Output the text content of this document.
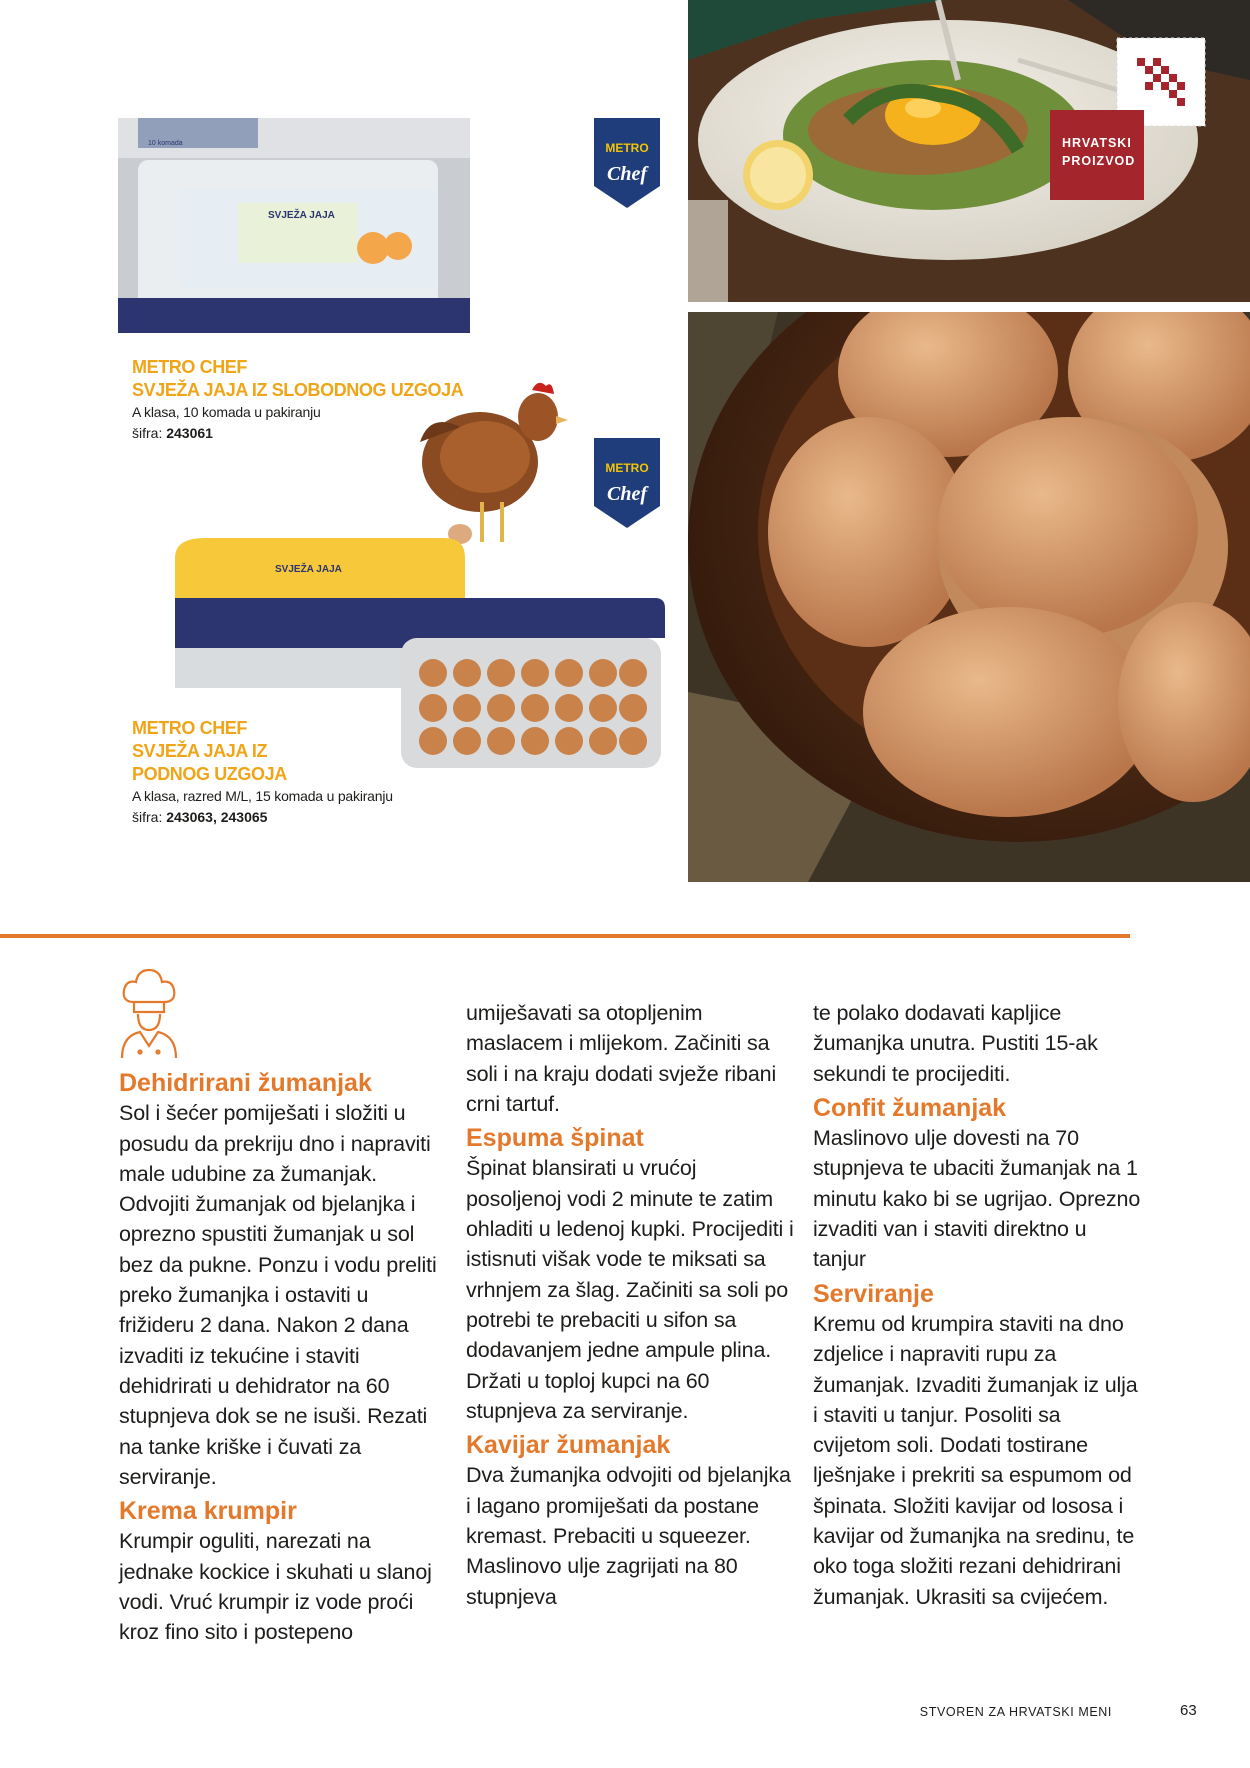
HRVATSKI
PROIZVOD
SVJEŽA JAJA
10 komada	METRO
Chef
METRO CHEF
SVJEŽA JAJA IZ SLOBODNOG UZGOJA
A klasa, 10 komada u pakiranju
šifra: 243061
METRO
Chef
SVJEŽA JAJA
METRO CHEF
SVJEŽA JAJA IZ
PODNOG UZGOJA
A klasa, razred M/L, 15 komada u pakiranju
šifra: 243063, 243065
Dehidrirani žumanjak

Sol i šećer pomiješati i složiti u posudu da prekriju dno i napraviti male udubine za žumanjak. Odvojiti žumanjak od bjelanjka i oprezno spustiti žumanjak u sol bez da pukne. Ponzu i vodu preliti preko žumanjka i ostaviti u frižideru 2 dana. Nakon 2 dana izvaditi iz tekućine i staviti dehidrirati u dehidrator na 60 stupnjeva dok se ne isuši. Rezati na tanke kriške i čuvati za serviranje.

Krema krumpir

Krumpir oguliti, narezati na jednake kockice i skuhati u slanoj vodi. Vruć krumpir iz vode proći kroz fino sito i postepeno

umiješavati sa otopljenim maslacem i mlijekom. Začiniti sa soli i na kraju dodati svježe ribani crni tartuf.

Espuma špinat

Špinat blansirati u vrućoj posoljenoj vodi 2 minute te zatim ohladiti u ledenoj kupki. Procijediti i istisnuti višak vode te miksati sa vrhnjem za šlag. Začiniti sa soli po potrebi te prebaciti u sifon sa dodavanjem jedne ampule plina. Držati u toploj kupci na 60 stupnjeva za serviranje.

Kavijar žumanjak

Dva žumanjka odvojiti od bjelanjka i lagano promiješati da postane kremast. Prebaciti u squeezer. Maslinovo ulje zagrijati na 80 stupnjeva

te polako dodavati kapljice žumanjka unutra. Pustiti 15-ak sekundi te procijediti.

Confit žumanjak

Maslinovo ulje dovesti na 70 stupnjeva te ubaciti žumanjak na 1 minutu kako bi se ugrijao. Oprezno izvaditi van i staviti direktno u tanjur

Serviranje

Kremu od krumpira staviti na dno zdjelice i napraviti rupu za žumanjak. Izvaditi žumanjak iz ulja i staviti u tanjur. Posoliti sa cvijetom soli. Dodati tostirane lješnjake i prekriti sa espumom od špinata. Složiti kavijar od lososa i kavijar od žumanjka na sredinu, te oko toga složiti rezani dehidrirani žumanjak. Ukrasiti sa cvijećem.

STVOREN ZA HRVATSKI MENI	63
